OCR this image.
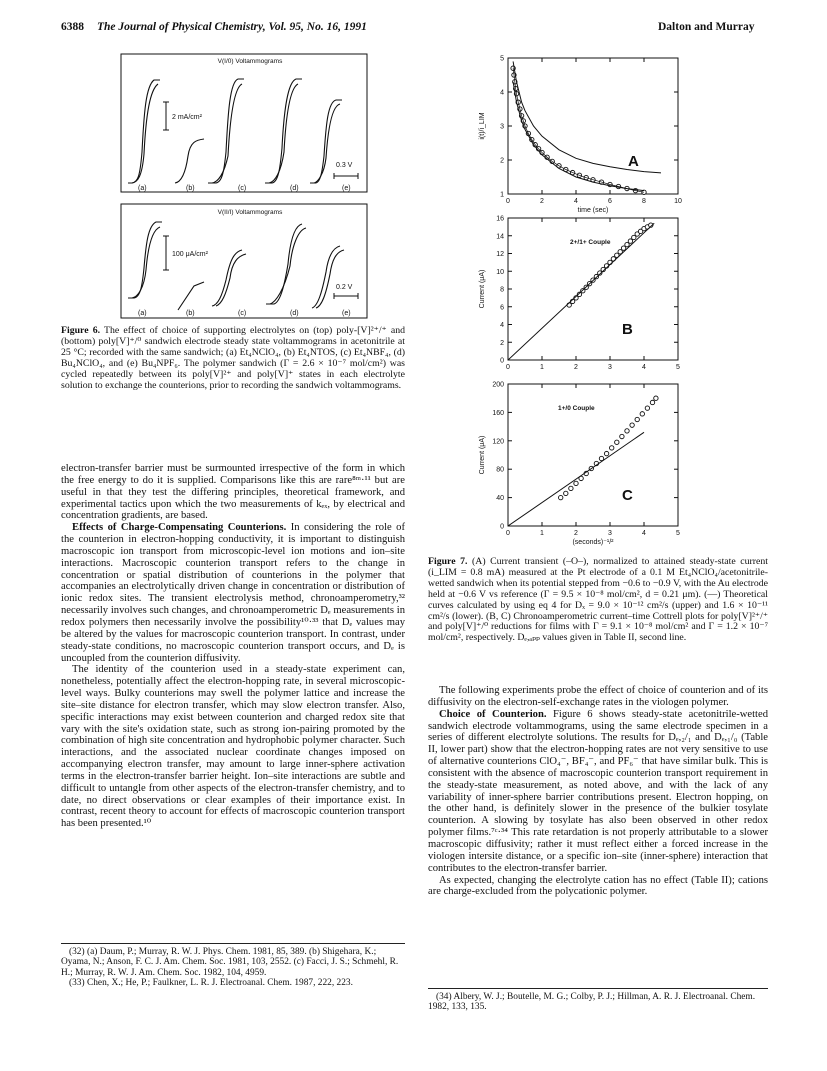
6388 The Journal of Physical Chemistry, Vol. 95, No. 16, 1991	Dalton and Murray
V(I/0) Voltammograms
2 mA/cm²
0.3 V
(a)	(b)	(c)	(d)	(e)
V(II/I) Voltammograms
100 μA/cm²
0.2 V
(a)	(b)	(c)	(d)	(e)
Figure 6. The effect of choice of supporting electrolytes on (top) poly-[V]²⁺/⁺ and (bottom) poly[V]⁺/⁰ sandwich electrode steady state voltammograms in acetonitrile at 25 °C; recorded with the same sandwich; (a) Et₄NClO₄, (b) Et₄NTOS, (c) Et₄NBF₄, (d) Bu₄NClO₄, and (e) Bu₄NPF₆. The polymer sandwich (Γ = 2.6 × 10⁻⁷ mol/cm²) was cycled repeatedly between its poly[V]²⁺ and poly[V]⁺ states in each electrolyte solution to exchange the counterions, prior to recording the sandwich voltammograms.

electron-transfer barrier must be surmounted irrespective of the form in which the free energy to do it is supplied. Comparisons like this are rare⁸ᵐ·¹¹ but are useful in that they test the differing principles, theoretical framework, and experimental tactics upon which the two measurements of kₑₓ, by electrical and concentration gradients, are based.

Effects of Charge-Compensating Counterions. In considering the role of the counterion in electron-hopping conductivity, it is important to distinguish macroscopic ion transport from microscopic-level ion motions and ion–site interactions. Macroscopic counterion transport refers to the change in concentration or spatial distribution of counterions in the polymer that accompanies an electrolytically driven change in concentration or distribution of ionic redox sites. The transient electrolysis method, chronoamperometry,³² necessarily involves such changes, and chronoamperometric Dₑ measurements in redox polymers then necessarily involve the possibility¹⁰·³³ that Dₑ values may be altered by the values for macroscopic counterion transport. In contrast, under steady-state conditions, no macroscopic counterion transport occurs, and Dₑ is uncoupled from the counterion diffusivity.

The identity of the counterion used in a steady-state experiment can, nonetheless, potentially affect the electron-hopping rate, in several microscopic-level ways. Bulky counterions may swell the polymer lattice and increase the site–site distance for electron transfer, which may slow electron transfer. Also, specific interactions may exist between counterion and charged redox site that vary with the site's oxidation state, such as strong ion-pairing promoted by the combination of high site concentration and hydrophobic polymer character. Such interactions, and the associated nuclear coordinate changes imposed on accompanying electron transfer, may amount to large inner-sphere activation terms in the electron-transfer barrier height. Ion–site interactions are subtle and difficult to untangle from other aspects of the electron-transfer chemistry, and to date, no direct observations or clear examples of their importance exist. In contrast, recent theory to account for effects of macroscopic counterion transport has been presented.¹⁰

(32) (a) Daum, P.; Murray, R. W. J. Phys. Chem. 1981, 85, 389. (b) Shigehara, K.; Oyama, N.; Anson, F. C. J. Am. Chem. Soc. 1981, 103, 2552. (c) Facci, J. S.; Schmehl, R. H.; Murray, R. W. J. Am. Chem. Soc. 1982, 104, 4959.

(33) Chen, X.; He, P.; Faulkner, L. R. J. Electroanal. Chem. 1987, 222, 223.

1
2
3
4
5
0	2	4	6	8	10
A
i(t)/i_LIM
time (sec)
0
2
4
6
8
10
12
14
16
0	1	2	3	4	5
B
2+/1+ Couple
Current (μA)
0
40
80
120
160
200
0	1	2	3	4	5
C
1+/0 Couple
Current (μA)
(seconds)⁻¹/²
Figure 7. (A) Current transient (–O–), normalized to attained steady-state current (i_LIM = 0.8 mA) measured at the Pt electrode of a 0.1 M Et₄NClO₄/acetonitrile-wetted sandwich when its potential stepped from −0.6 to −0.9 V, with the Au electrode held at −0.6 V vs reference (Γ = 9.5 × 10⁻⁸ mol/cm², d = 0.21 μm). (—) Theoretical curves calculated by using eq 4 for Dₓ = 9.0 × 10⁻¹² cm²/s (upper) and 1.6 × 10⁻¹¹ cm²/s (lower). (B, C) Chronoamperometric current–time Cottrell plots for poly[V]²⁺/⁺ and poly[V]⁺/⁰ reductions for films with Γ = 9.1 × 10⁻⁸ mol/cm² and Γ = 1.2 × 10⁻⁷ mol/cm², respectively. Dₑ,ₐₚₚ values given in Table II, second line.

The following experiments probe the effect of choice of counterion and of its diffusivity on the electron-self-exchange rates in the viologen polymer.

Choice of Counterion. Figure 6 shows steady-state acetonitrile-wetted sandwich electrode voltammograms, using the same electrode specimen in a series of different electrolyte solutions. The results for Dₑ,₂/₁ and Dₑ,₁/₀ (Table II, lower part) show that the electron-hopping rates are not very sensitive to use of alternative counterions ClO₄⁻, BF₄⁻, and PF₆⁻ that have similar bulk. This is consistent with the absence of macroscopic counterion transport requirement in the steady-state measurement, as noted above, and with the lack of any variability of inner-sphere barrier contributions present. Electron hopping, on the other hand, is definitely slower in the presence of the bulkier tosylate counterion. A slowing by tosylate has also been observed in other redox polymer films.⁷ᶜ·³⁴ This rate retardation is not properly attributable to a slower macroscopic diffusivity; rather it must reflect either a forced increase in the viologen intersite distance, or a specific ion–site (inner-sphere) interaction that contributes to the electron-transfer barrier.

As expected, changing the electrolyte cation has no effect (Table II); cations are charge-excluded from the polycationic polymer.

(34) Albery, W. J.; Boutelle, M. G.; Colby, P. J.; Hillman, A. R. J. Electroanal. Chem. 1982, 133, 135.
